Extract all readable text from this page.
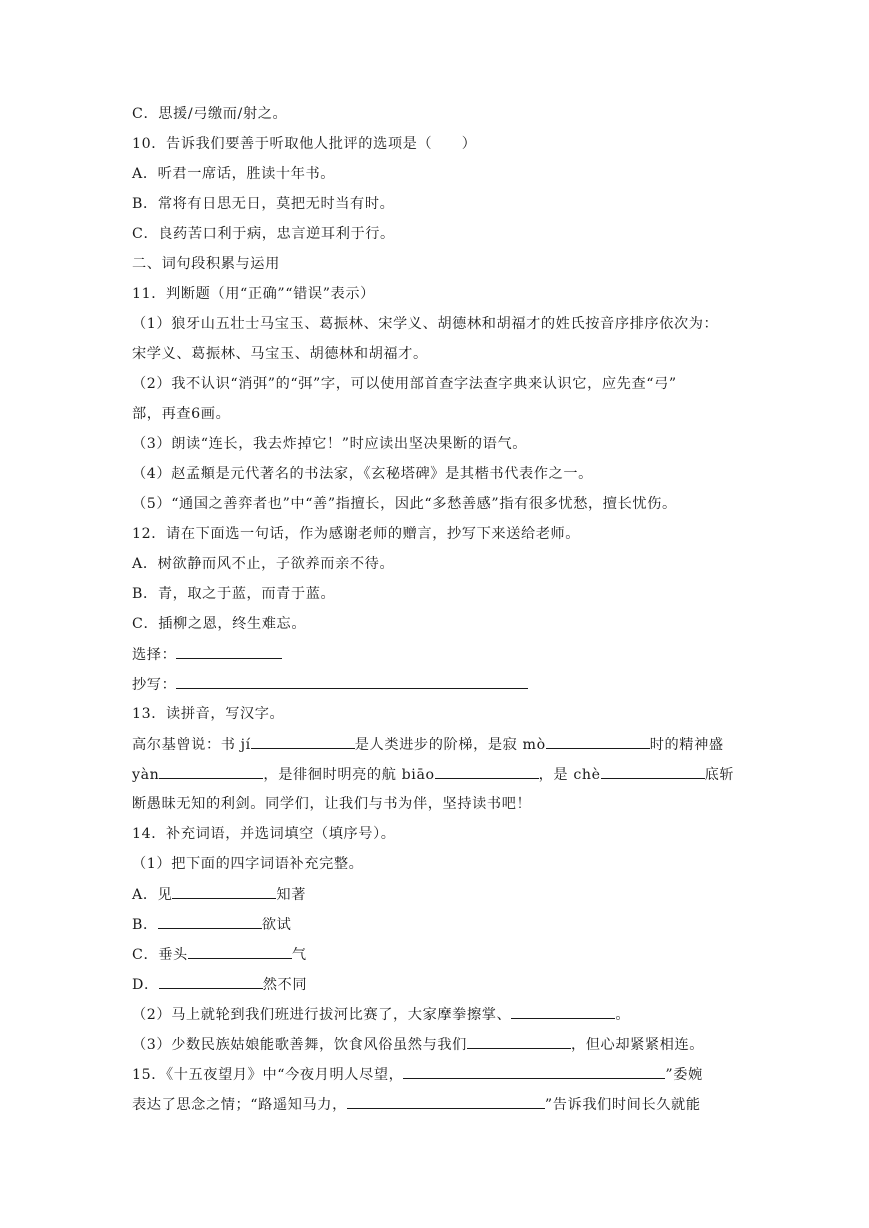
C．思援/弓缴而/射之。
10．告诉我们要善于听取他人批评的选项是（　　）
A．听君一席话，胜读十年书。
B．常将有日思无日，莫把无时当有时。
C．良药苦口利于病，忠言逆耳利于行。
二、词句段积累与运用
11．判断题（用“正确”“错误”表示）
（1）狼牙山五壮士马宝玉、葛振林、宋学义、胡德林和胡福才的姓氏按音序排序依次为：
宋学义、葛振林、马宝玉、胡德林和胡福才。
（2）我不认识“消弭”的“弭”字，可以使用部首查字法查字典来认识它，应先查“弓”
部，再查6画。
（3）朗读“连长，我去炸掉它！”时应读出坚决果断的语气。
（4）赵孟頫是元代著名的书法家，《玄秘塔碑》是其楷书代表作之一。
（5）“通国之善弈者也”中“善”指擅长，因此“多愁善感”指有很多忧愁，擅长忧伤。
12．请在下面选一句话，作为感谢老师的赠言，抄写下来送给老师。
A．树欲静而风不止，子欲养而亲不待。
B．青，取之于蓝，而青于蓝。
C．插柳之恩，终生难忘。
选择：
抄写：
13．读拼音，写汉字。
高尔基曾说：书 jí	是人类进步的阶梯，是寂 mò	时的精神盛
yàn	，是徘徊时明亮的航 biāo	，是 chè	底斩
断愚昧无知的利剑。同学们，让我们与书为伴，坚持读书吧！
14．补充词语，并选词填空（填序号）。
（1）把下面的四字词语补充完整。
A．见	知著
B．	欲试
C．垂头	气
D．	然不同
（2）马上就轮到我们班进行拔河比赛了，大家摩拳擦掌、	。
（3）少数民族姑娘能歌善舞，饮食风俗虽然与我们	，但心却紧紧相连。
15．《十五夜望月》中“今夜月明人尽望，	”委婉
表达了思念之情；“路遥知马力，	”告诉我们时间长久就能
